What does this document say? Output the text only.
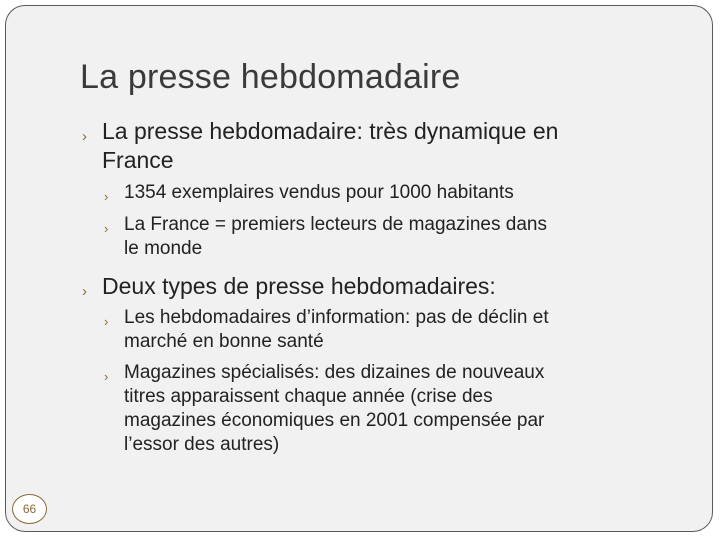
La presse hebdomadaire
› La presse hebdomadaire: très dynamique en
France
› 1354 exemplaires vendus pour 1000 habitants
› La France = premiers lecteurs de magazines dans
le monde
› Deux types de presse hebdomadaires:
› Les hebdomadaires d’information: pas de déclin et
marché en bonne santé
› Magazines spécialisés: des dizaines de nouveaux
titres apparaissent chaque année (crise des
magazines économiques en 2001 compensée par
l’essor des autres)
66
